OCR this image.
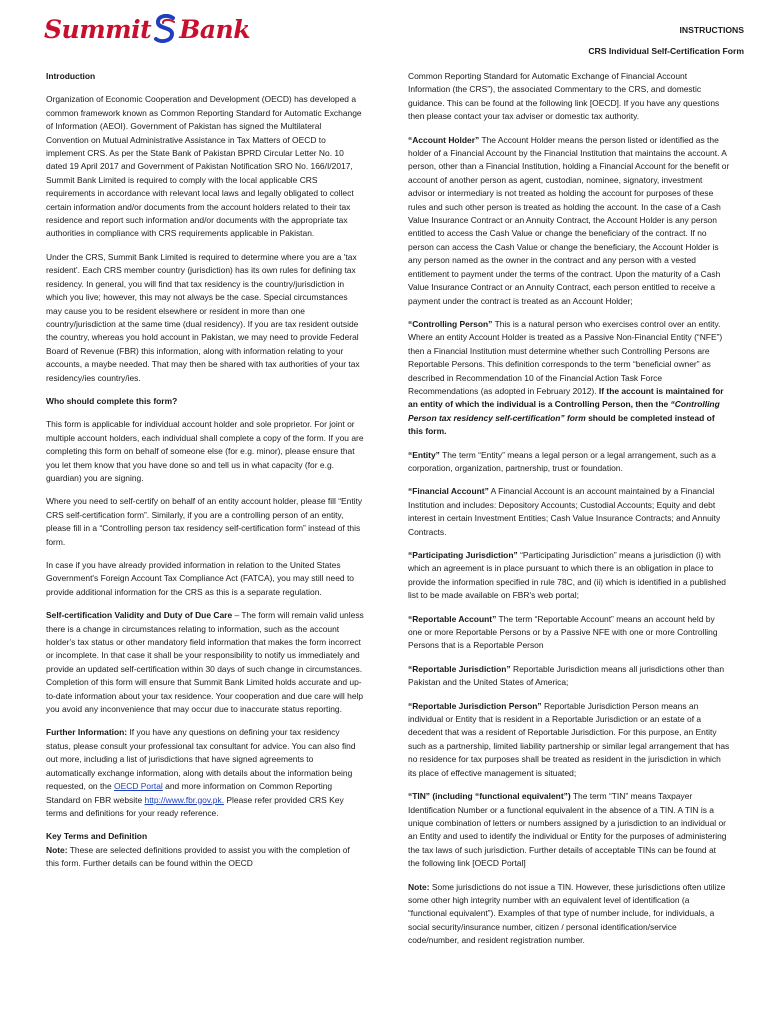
Summit Bank	INSTRUCTIONS
CRS Individual Self-Certification Form

Introduction

Organization of Economic Cooperation and Development (OECD) has developed a common framework known as Common Reporting Standard for Automatic Exchange of Information (AEOI). Government of Pakistan has signed the Multilateral Convention on Mutual Administrative Assistance in Tax Matters of OECD to implement CRS. As per the State Bank of Pakistan BPRD Circular Letter No. 10 dated 19 April 2017 and Government of Pakistan Notification SRO No. 166/I/2017, Summit Bank Limited is required to comply with the local applicable CRS requirements in accordance with relevant local laws and legally obligated to collect certain information and/or documents from the account holders related to their tax residence and report such information and/or documents with the appropriate tax authorities in compliance with CRS requirements applicable in Pakistan.

Under the CRS, Summit Bank Limited is required to determine where you are a 'tax resident'. Each CRS member country (jurisdiction) has its own rules for defining tax residency. In general, you will find that tax residency is the country/jurisdiction in which you live; however, this may not always be the case. Special circumstances may cause you to be resident elsewhere or resident in more than one country/jurisdiction at the same time (dual residency). If you are tax resident outside the country, whereas you hold account in Pakistan, we may need to provide Federal Board of Revenue (FBR) this information, along with information relating to your accounts, a maybe needed. That may then be shared with tax authorities of your tax residency/ies country/ies.

Who should complete this form?

This form is applicable for individual account holder and sole proprietor. For joint or multiple account holders, each individual shall complete a copy of the form. If you are completing this form on behalf of someone else (for e.g. minor), please ensure that you let them know that you have done so and tell us in what capacity (for e.g. guardian) you are signing.

Where you need to self-certify on behalf of an entity account holder, please fill “Entity CRS self-certification form”. Similarly, if you are a controlling person of an entity, please fill in a “Controlling person tax residency self-certification form” instead of this form.

In case if you have already provided information in relation to the United States Government's Foreign Account Tax Compliance Act (FATCA), you may still need to provide additional information for the CRS as this is a separate regulation.

Self-certification Validity and Duty of Due Care – The form will remain valid unless there is a change in circumstances relating to information, such as the account holder's tax status or other mandatory field information that makes the form incorrect or incomplete. In that case it shall be your responsibility to notify us immediately and provide an updated self-certification within 30 days of such change in circumstances. Completion of this form will ensure that Summit Bank Limited holds accurate and up-to-date information about your tax residence. Your cooperation and due care will help you avoid any inconvenience that may occur due to inaccurate status reporting.

Further Information: If you have any questions on defining your tax residency status, please consult your professional tax consultant for advice. You can also find out more, including a list of jurisdictions that have signed agreements to automatically exchange information, along with details about the information being requested, on the OECD Portal and more information on Common Reporting Standard on FBR website http://www.fbr.gov.pk. Please refer provided CRS Key terms and definitions for your ready reference.

Key Terms and Definition
Note: These are selected definitions provided to assist you with the completion of this form. Further details can be found within the OECD

Common Reporting Standard for Automatic Exchange of Financial Account Information (the CRS”), the associated Commentary to the CRS, and domestic guidance. This can be found at the following link [OECD]. If you have any questions then please contact your tax adviser or domestic tax authority.

“Account Holder” The Account Holder means the person listed or identified as the holder of a Financial Account by the Financial Institution that maintains the account. A person, other than a Financial Institution, holding a Financial Account for the benefit or account of another person as agent, custodian, nominee, signatory, investment advisor or intermediary is not treated as holding the account for purposes of these rules and such other person is treated as holding the account. In the case of a Cash Value Insurance Contract or an Annuity Contract, the Account Holder is any person entitled to access the Cash Value or change the beneficiary of the contract. If no person can access the Cash Value or change the beneficiary, the Account Holder is any person named as the owner in the contract and any person with a vested entitlement to payment under the terms of the contract. Upon the maturity of a Cash Value Insurance Contract or an Annuity Contract, each person entitled to receive a payment under the contract is treated as an Account Holder;

“Controlling Person” This is a natural person who exercises control over an entity. Where an entity Account Holder is treated as a Passive Non-Financial Entity (“NFE”) then a Financial Institution must determine whether such Controlling Persons are Reportable Persons. This definition corresponds to the term “beneficial owner” as described in Recommendation 10 of the Financial Action Task Force Recommendations (as adopted in February 2012). If the account is maintained for an entity of which the individual is a Controlling Person, then the “Controlling Person tax residency self-certification” form should be completed instead of this form.

“Entity” The term “Entity” means a legal person or a legal arrangement, such as a corporation, organization, partnership, trust or foundation.

“Financial Account” A Financial Account is an account maintained by a Financial Institution and includes: Depository Accounts; Custodial Accounts; Equity and debt interest in certain Investment Entities; Cash Value Insurance Contracts; and Annuity Contracts.

“Participating Jurisdiction” “Participating Jurisdiction” means a jurisdiction (i) with which an agreement is in place pursuant to which there is an obligation in place to provide the information specified in rule 78C, and (ii) which is identified in a published list to be made available on FBR's web portal;

“Reportable Account” The term “Reportable Account” means an account held by one or more Reportable Persons or by a Passive NFE with one or more Controlling Persons that is a Reportable Person

“Reportable Jurisdiction” Reportable Jurisdiction means all jurisdictions other than Pakistan and the United States of America;

“Reportable Jurisdiction Person” Reportable Jurisdiction Person means an individual or Entity that is resident in a Reportable Jurisdiction or an estate of a decedent that was a resident of Reportable Jurisdiction. For this purpose, an Entity such as a partnership, limited liability partnership or similar legal arrangement that has no residence for tax purposes shall be treated as resident in the jurisdiction in which its place of effective management is situated;

“TIN” (including “functional equivalent”) The term “TIN” means Taxpayer Identification Number or a functional equivalent in the absence of a TIN. A TIN is a unique combination of letters or numbers assigned by a jurisdiction to an individual or an Entity and used to identify the individual or Entity for the purposes of administering the tax laws of such jurisdiction. Further details of acceptable TINs can be found at the following link [OECD Portal]

Note: Some jurisdictions do not issue a TIN. However, these jurisdictions often utilize some other high integrity number with an equivalent level of identification (a “functional equivalent”). Examples of that type of number include, for individuals, a social security/insurance number, citizen / personal identification/service code/number, and resident registration number.
